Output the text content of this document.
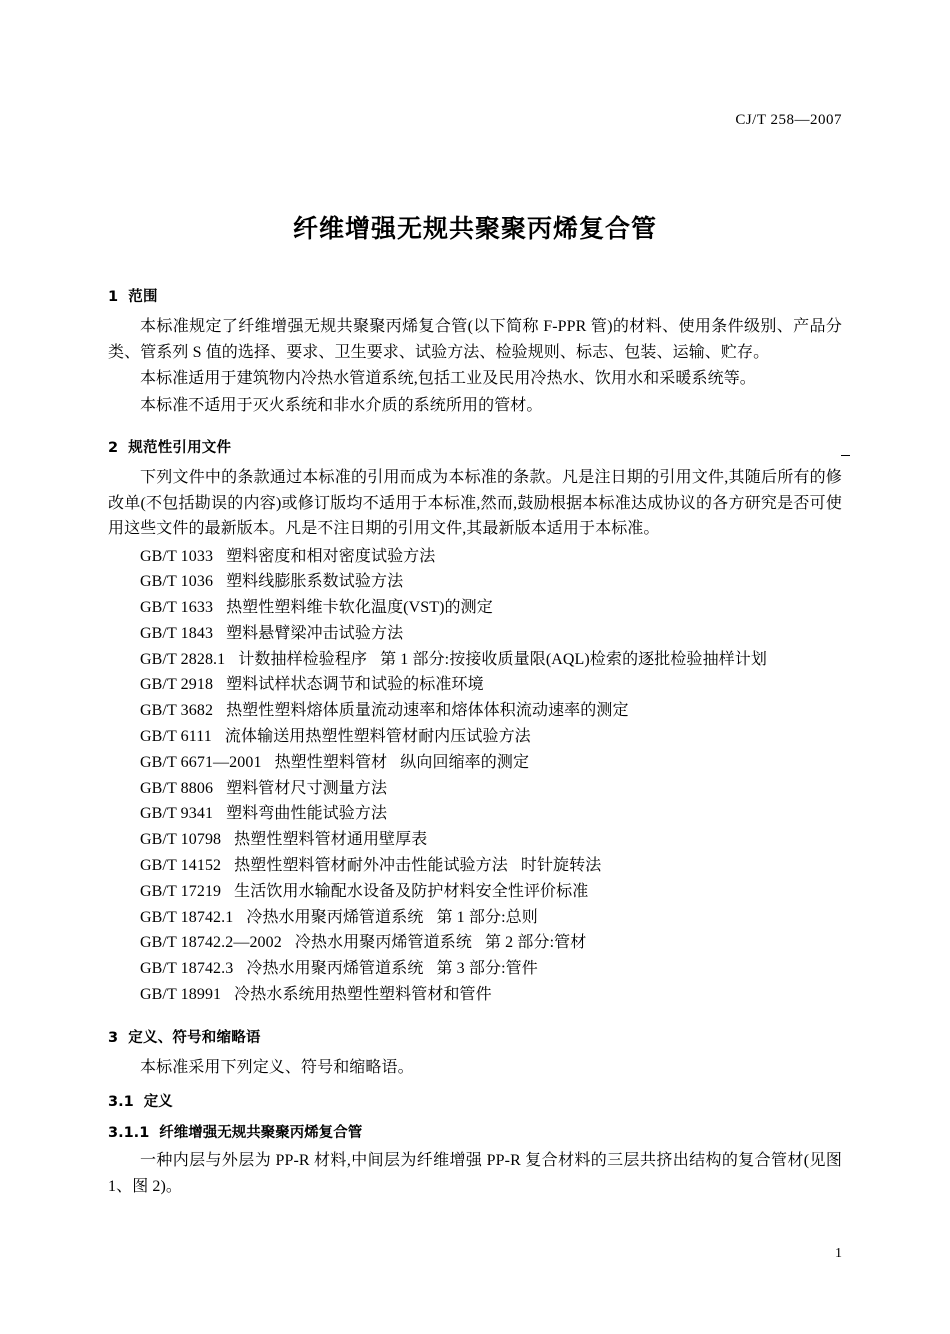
CJ/T 258—2007
纤维增强无规共聚聚丙烯复合管
1 范围

本标准规定了纤维增强无规共聚聚丙烯复合管(以下简称 F-PPR 管)的材料、使用条件级别、产品分类、管系列 S 值的选择、要求、卫生要求、试验方法、检验规则、标志、包装、运输、贮存。

本标准适用于建筑物内冷热水管道系统,包括工业及民用冷热水、饮用水和采暖系统等。

本标准不适用于灭火系统和非水介质的系统所用的管材。

2 规范性引用文件

下列文件中的条款通过本标准的引用而成为本标准的条款。凡是注日期的引用文件,其随后所有的修改单(不包括勘误的内容)或修订版均不适用于本标准,然而,鼓励根据本标准达成协议的各方研究是否可使用这些文件的最新版本。凡是不注日期的引用文件,其最新版本适用于本标准。

GB/T 1033 塑料密度和相对密度试验方法
GB/T 1036 塑料线膨胀系数试验方法
GB/T 1633 热塑性塑料维卡软化温度(VST)的测定
GB/T 1843 塑料悬臂梁冲击试验方法
GB/T 2828.1 计数抽样检验程序 第 1 部分:按接收质量限(AQL)检索的逐批检验抽样计划
GB/T 2918 塑料试样状态调节和试验的标准环境
GB/T 3682 热塑性塑料熔体质量流动速率和熔体体积流动速率的测定
GB/T 6111 流体输送用热塑性塑料管材耐内压试验方法
GB/T 6671—2001 热塑性塑料管材 纵向回缩率的测定
GB/T 8806 塑料管材尺寸测量方法
GB/T 9341 塑料弯曲性能试验方法
GB/T 10798 热塑性塑料管材通用壁厚表
GB/T 14152 热塑性塑料管材耐外冲击性能试验方法 时针旋转法
GB/T 17219 生活饮用水输配水设备及防护材料安全性评价标准
GB/T 18742.1 冷热水用聚丙烯管道系统 第 1 部分:总则
GB/T 18742.2—2002 冷热水用聚丙烯管道系统 第 2 部分:管材
GB/T 18742.3 冷热水用聚丙烯管道系统 第 3 部分:管件
GB/T 18991 冷热水系统用热塑性塑料管材和管件
3 定义、符号和缩略语

本标准采用下列定义、符号和缩略语。

3.1 定义
3.1.1 纤维增强无规共聚聚丙烯复合管

一种内层与外层为 PP-R 材料,中间层为纤维增强 PP-R 复合材料的三层共挤出结构的复合管材(见图 1、图 2)。

1
